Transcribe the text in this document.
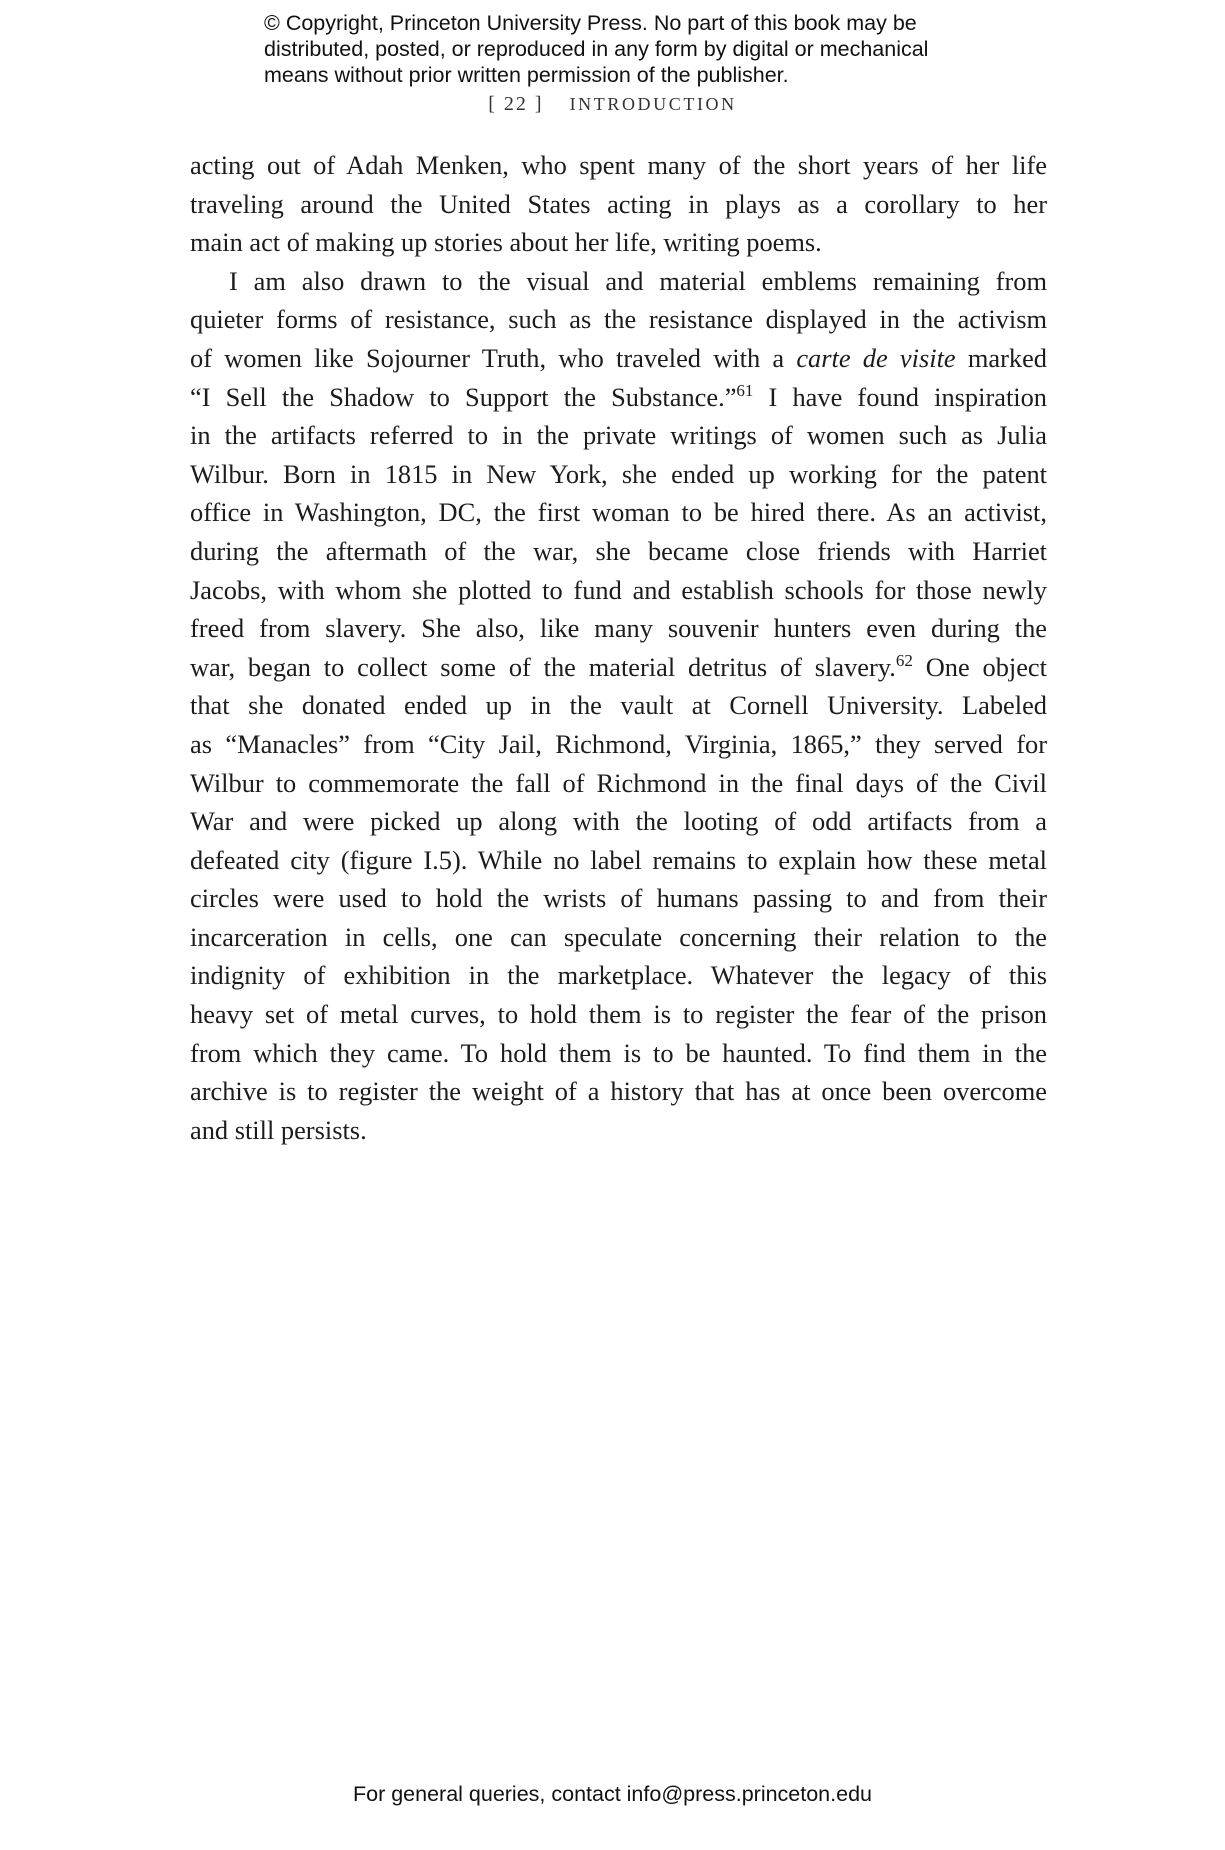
© Copyright, Princeton University Press. No part of this book may be
distributed, posted, or reproduced in any form by digital or mechanical
means without prior written permission of the publisher.
[ 22 ] INTRODUCTION
acting out of Adah Menken, who spent many of the short years of her life
traveling around the United States acting in plays as a corollary to her
main act of making up stories about her life, writing poems.
I am also drawn to the visual and material emblems remaining from
quieter forms of resistance, such as the resistance displayed in the activism
of women like Sojourner Truth, who traveled with a carte de visite marked
“I Sell the Shadow to Support the Substance.”$^{61}$ I have found inspiration
in the artifacts referred to in the private writings of women such as Julia
Wilbur. Born in 1815 in New York, she ended up working for the patent
office in Washington, DC, the first woman to be hired there. As an activist,
during the aftermath of the war, she became close friends with Harriet
Jacobs, with whom she plotted to fund and establish schools for those newly
freed from slavery. She also, like many souvenir hunters even during the
war, began to collect some of the material detritus of slavery.$^{62}$ One object
that she donated ended up in the vault at Cornell University. Labeled
as “Manacles” from “City Jail, Richmond, Virginia, 1865,” they served for
Wilbur to commemorate the fall of Richmond in the final days of the Civil
War and were picked up along with the looting of odd artifacts from a
defeated city (figure I.5). While no label remains to explain how these metal
circles were used to hold the wrists of humans passing to and from their
incarceration in cells, one can speculate concerning their relation to the
indignity of exhibition in the marketplace. Whatever the legacy of this
heavy set of metal curves, to hold them is to register the fear of the prison
from which they came. To hold them is to be haunted. To find them in the
archive is to register the weight of a history that has at once been overcome
and still persists.
For general queries, contact info@press.princeton.edu
